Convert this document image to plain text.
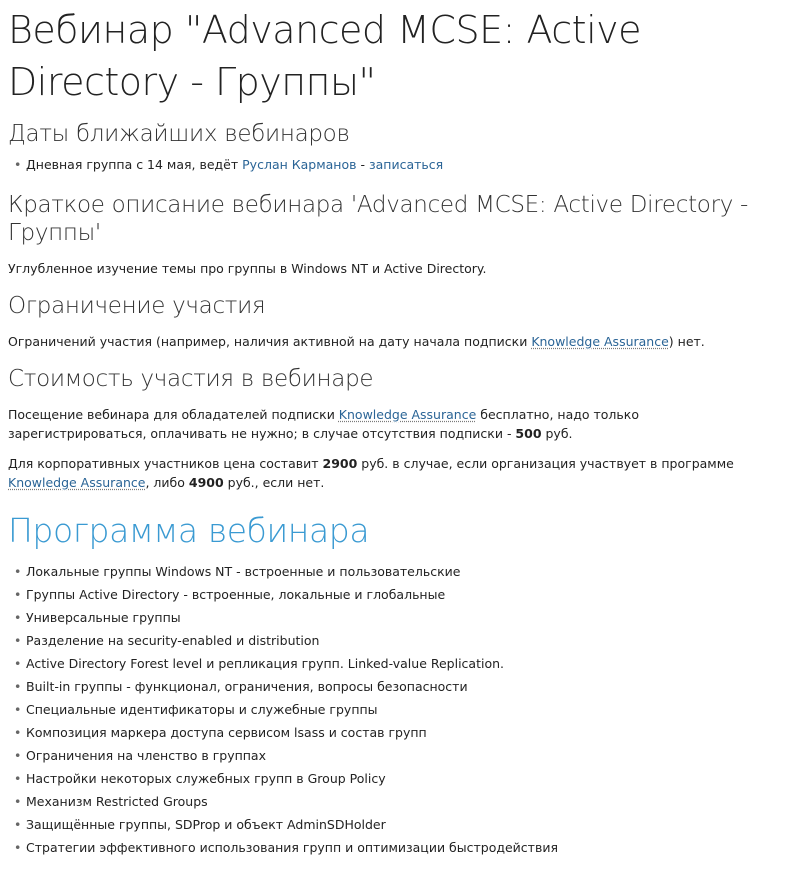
Вебинар "Advanced MCSE: Active Directory - Группы"
Даты ближайших вебинаров
• Дневная группа с 14 мая, ведёт Руслан Карманов - записаться
Краткое описание вебинара 'Advanced MCSE: Active Directory - Группы'

Углубленное изучение темы про группы в Windows NT и Active Directory.

Ограничение участия

Ограничений участия (например, наличия активной на дату начала подписки Knowledge Assurance) нет.

Стоимость участия в вебинаре

Посещение вебинара для обладателей подписки Knowledge Assurance бесплатно, надо только зарегистрироваться, оплачивать не нужно; в случае отсутствия подписки - 500 руб.

Для корпоративных участников цена составит 2900 руб. в случае, если организация участвует в программе Knowledge Assurance, либо 4900 руб., если нет.

Программа вебинара
• Локальные группы Windows NT - встроенные и пользовательские
• Группы Active Directory - встроенные, локальные и глобальные
• Универсальные группы
• Разделение на security-enabled и distribution
• Active Directory Forest level и репликация групп. Linked-value Replication.
• Built-in группы - функционал, ограничения, вопросы безопасности
• Специальные идентификаторы и служебные группы
• Композиция маркера доступа сервисом lsass и состав групп
• Ограничения на членство в группах
• Настройки некоторых служебных групп в Group Policy
• Механизм Restricted Groups
• Защищённые группы, SDProp и объект AdminSDHolder
• Стратегии эффективного использования групп и оптимизации быстродействия
